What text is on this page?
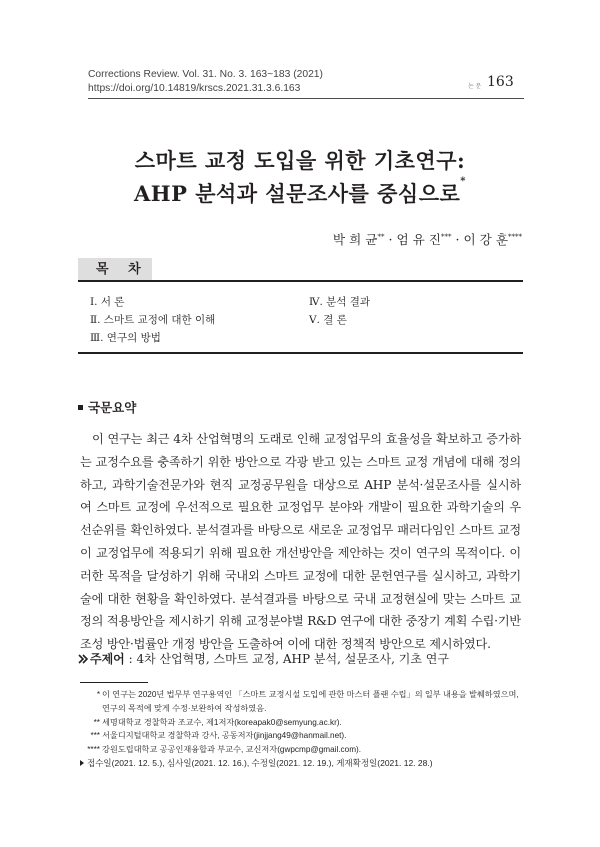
Corrections Review. Vol. 31. No. 3. 163~183 (2021)
https://doi.org/10.14819/krscs.2021.31.3.6.163	논 문 163
스마트 교정 도입을 위한 기초연구:
AHP 분석과 설문조사를 중심으로*
박 희 균** · 엄 유 진*** · 이 강 훈****
목 차
Ⅰ. 서 론
Ⅱ. 스마트 교정에 대한 이해
Ⅲ. 연구의 방법
Ⅳ. 분석 결과
Ⅴ. 결 론
국문요약
이 연구는 최근 4차 산업혁명의 도래로 인해 교정업무의 효율성을 확보하고 증가하는 교정수요를 충족하기 위한 방안으로 각광 받고 있는 스마트 교정 개념에 대해 정의하고, 과학기술전문가와 현직 교정공무원을 대상으로 AHP 분석·설문조사를 실시하여 스마트 교정에 우선적으로 필요한 교정업무 분야와 개발이 필요한 과학기술의 우선순위를 확인하였다. 분석결과를 바탕으로 새로운 교정업무 패러다임인 스마트 교정이 교정업무에 적용되기 위해 필요한 개선방안을 제안하는 것이 연구의 목적이다. 이러한 목적을 달성하기 위해 국내외 스마트 교정에 대한 문헌연구를 실시하고, 과학기술에 대한 현황을 확인하였다. 분석결과를 바탕으로 국내 교정현실에 맞는 스마트 교정의 적용방안을 제시하기 위해 교정분야별 R&D 연구에 대한 중장기 계획 수립·기반조성 방안·법률안 개정 방안을 도출하여 이에 대한 정책적 방안으로 제시하였다.
주제어 : 4차 산업혁명, 스마트 교정, AHP 분석, 설문조사, 기초 연구
* 이 연구는 2020년 법무부 연구용역인 「스마트 교정시설 도입에 관한 마스터 플랜 수립」의 일부 내용을 발췌하였으며,
연구의 목적에 맞게 수정·보완하여 작성하였음.
** 세명대학교 경찰학과 조교수, 제1저자(koreapak0@semyung.ac.kr).
*** 서울디지털대학교 경찰학과 강사, 공동저자(jinjjang49@hanmail.net).
**** 강원도립대학교 공공인재융합과 부교수, 교신저자(gwpcmp@gmail.com).
접수일(2021. 12. 5.), 심사일(2021. 12. 16.), 수정일(2021. 12. 19.), 게재확정일(2021. 12. 28.)
